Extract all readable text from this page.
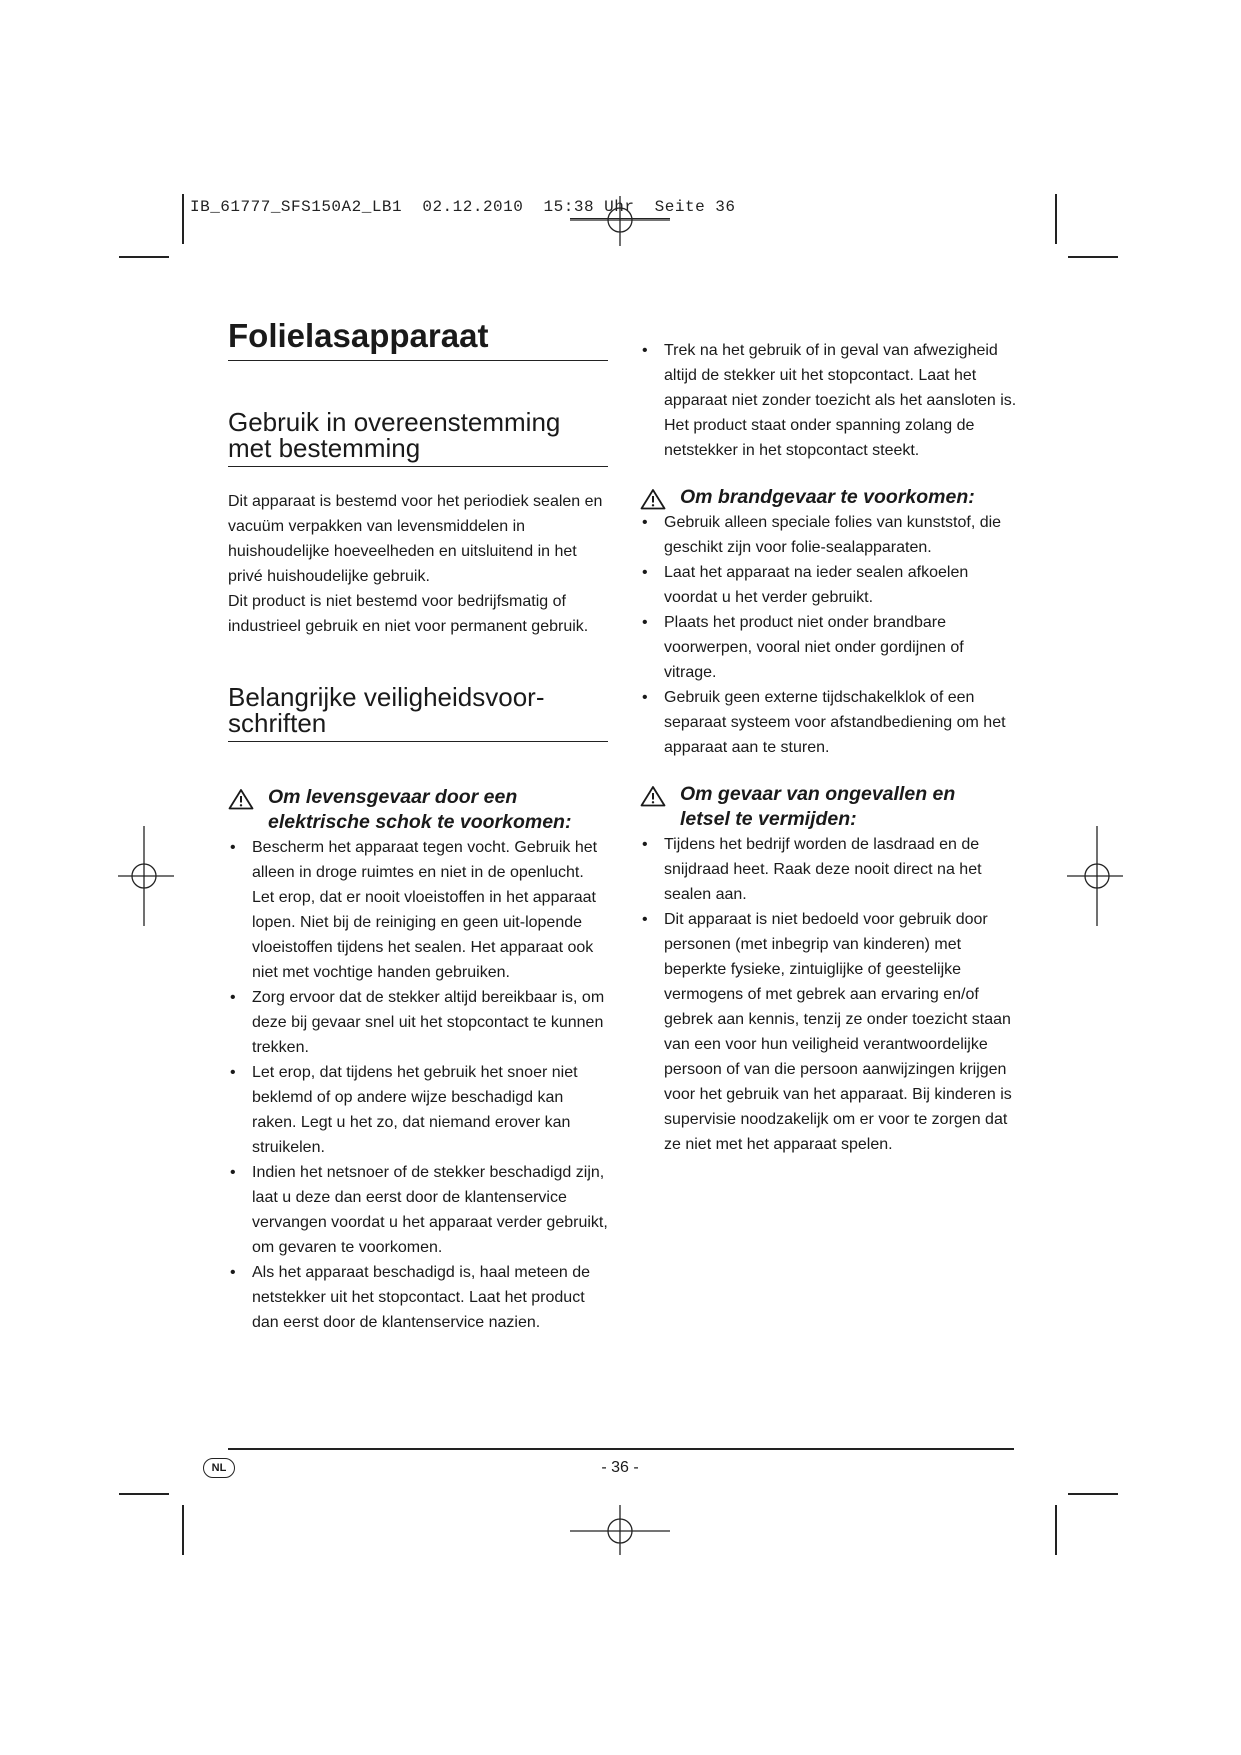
IB_61777_SFS150A2_LB1  02.12.2010  15:38 Uhr  Seite 36
Folielasapparaat
Gebruik in overeenstemming
met bestemming

Dit apparaat is bestemd voor het periodiek sealen en vacuüm verpakken van levensmiddelen in huishoudelijke hoeveelheden en uitsluitend in het privé huishoudelijke gebruik.

Dit product is niet bestemd voor bedrijfsmatig of industrieel gebruik en niet voor permanent gebruik.

Belangrijke veiligheidsvoor-
schriften
Om levensgevaar door een
elektrische schok te voorkomen:
• Bescherm het apparaat tegen vocht. Gebruik het alleen in droge ruimtes en niet in de openlucht. Let erop, dat er nooit vloeistoffen in het apparaat lopen. Niet bij de reiniging en geen uit-lopende vloeistoffen tijdens het sealen. Het apparaat ook niet met vochtige handen gebruiken.
• Zorg ervoor dat de stekker altijd bereikbaar is, om deze bij gevaar snel uit het stopcontact te kunnen trekken.
• Let erop, dat tijdens het gebruik het snoer niet beklemd of op andere wijze beschadigd kan raken. Legt u het zo, dat niemand erover kan struikelen.
• Indien het netsnoer of de stekker beschadigd zijn, laat u deze dan eerst door de klantenservice vervangen voordat u het apparaat verder gebruikt, om gevaren te voorkomen.
• Als het apparaat beschadigd is, haal meteen de netstekker uit het stopcontact. Laat het product dan eerst door de klantenservice nazien.
• Trek na het gebruik of in geval van afwezigheid altijd de stekker uit het stopcontact. Laat het apparaat niet zonder toezicht als het aansloten is. Het product staat onder spanning zolang de netstekker in het stopcontact steekt.
Om brandgevaar te voorkomen:
• Gebruik alleen speciale folies van kunststof, die geschikt zijn voor folie-sealapparaten.
• Laat het apparaat na ieder sealen afkoelen voordat u het verder gebruikt.
• Plaats het product niet onder brandbare voorwerpen, vooral niet onder gordijnen of vitrage.
• Gebruik geen externe tijdschakelklok of een separaat systeem voor afstandbediening om het apparaat aan te sturen.
Om gevaar van ongevallen en
letsel te vermijden:
• Tijdens het bedrijf worden de lasdraad en de snijdraad heet. Raak deze nooit direct na het sealen aan.
• Dit apparaat is niet bedoeld voor gebruik door personen (met inbegrip van kinderen) met beperkte fysieke, zintuiglijke of geestelijke vermogens of met gebrek aan ervaring en/of gebrek aan kennis, tenzij ze onder toezicht staan van een voor hun veiligheid verantwoordelijke persoon of van die persoon aanwijzingen krijgen voor het gebruik van het apparaat. Bij kinderen is supervisie noodzakelijk om er voor te zorgen dat ze niet met het apparaat spelen.
NL	- 36 -
